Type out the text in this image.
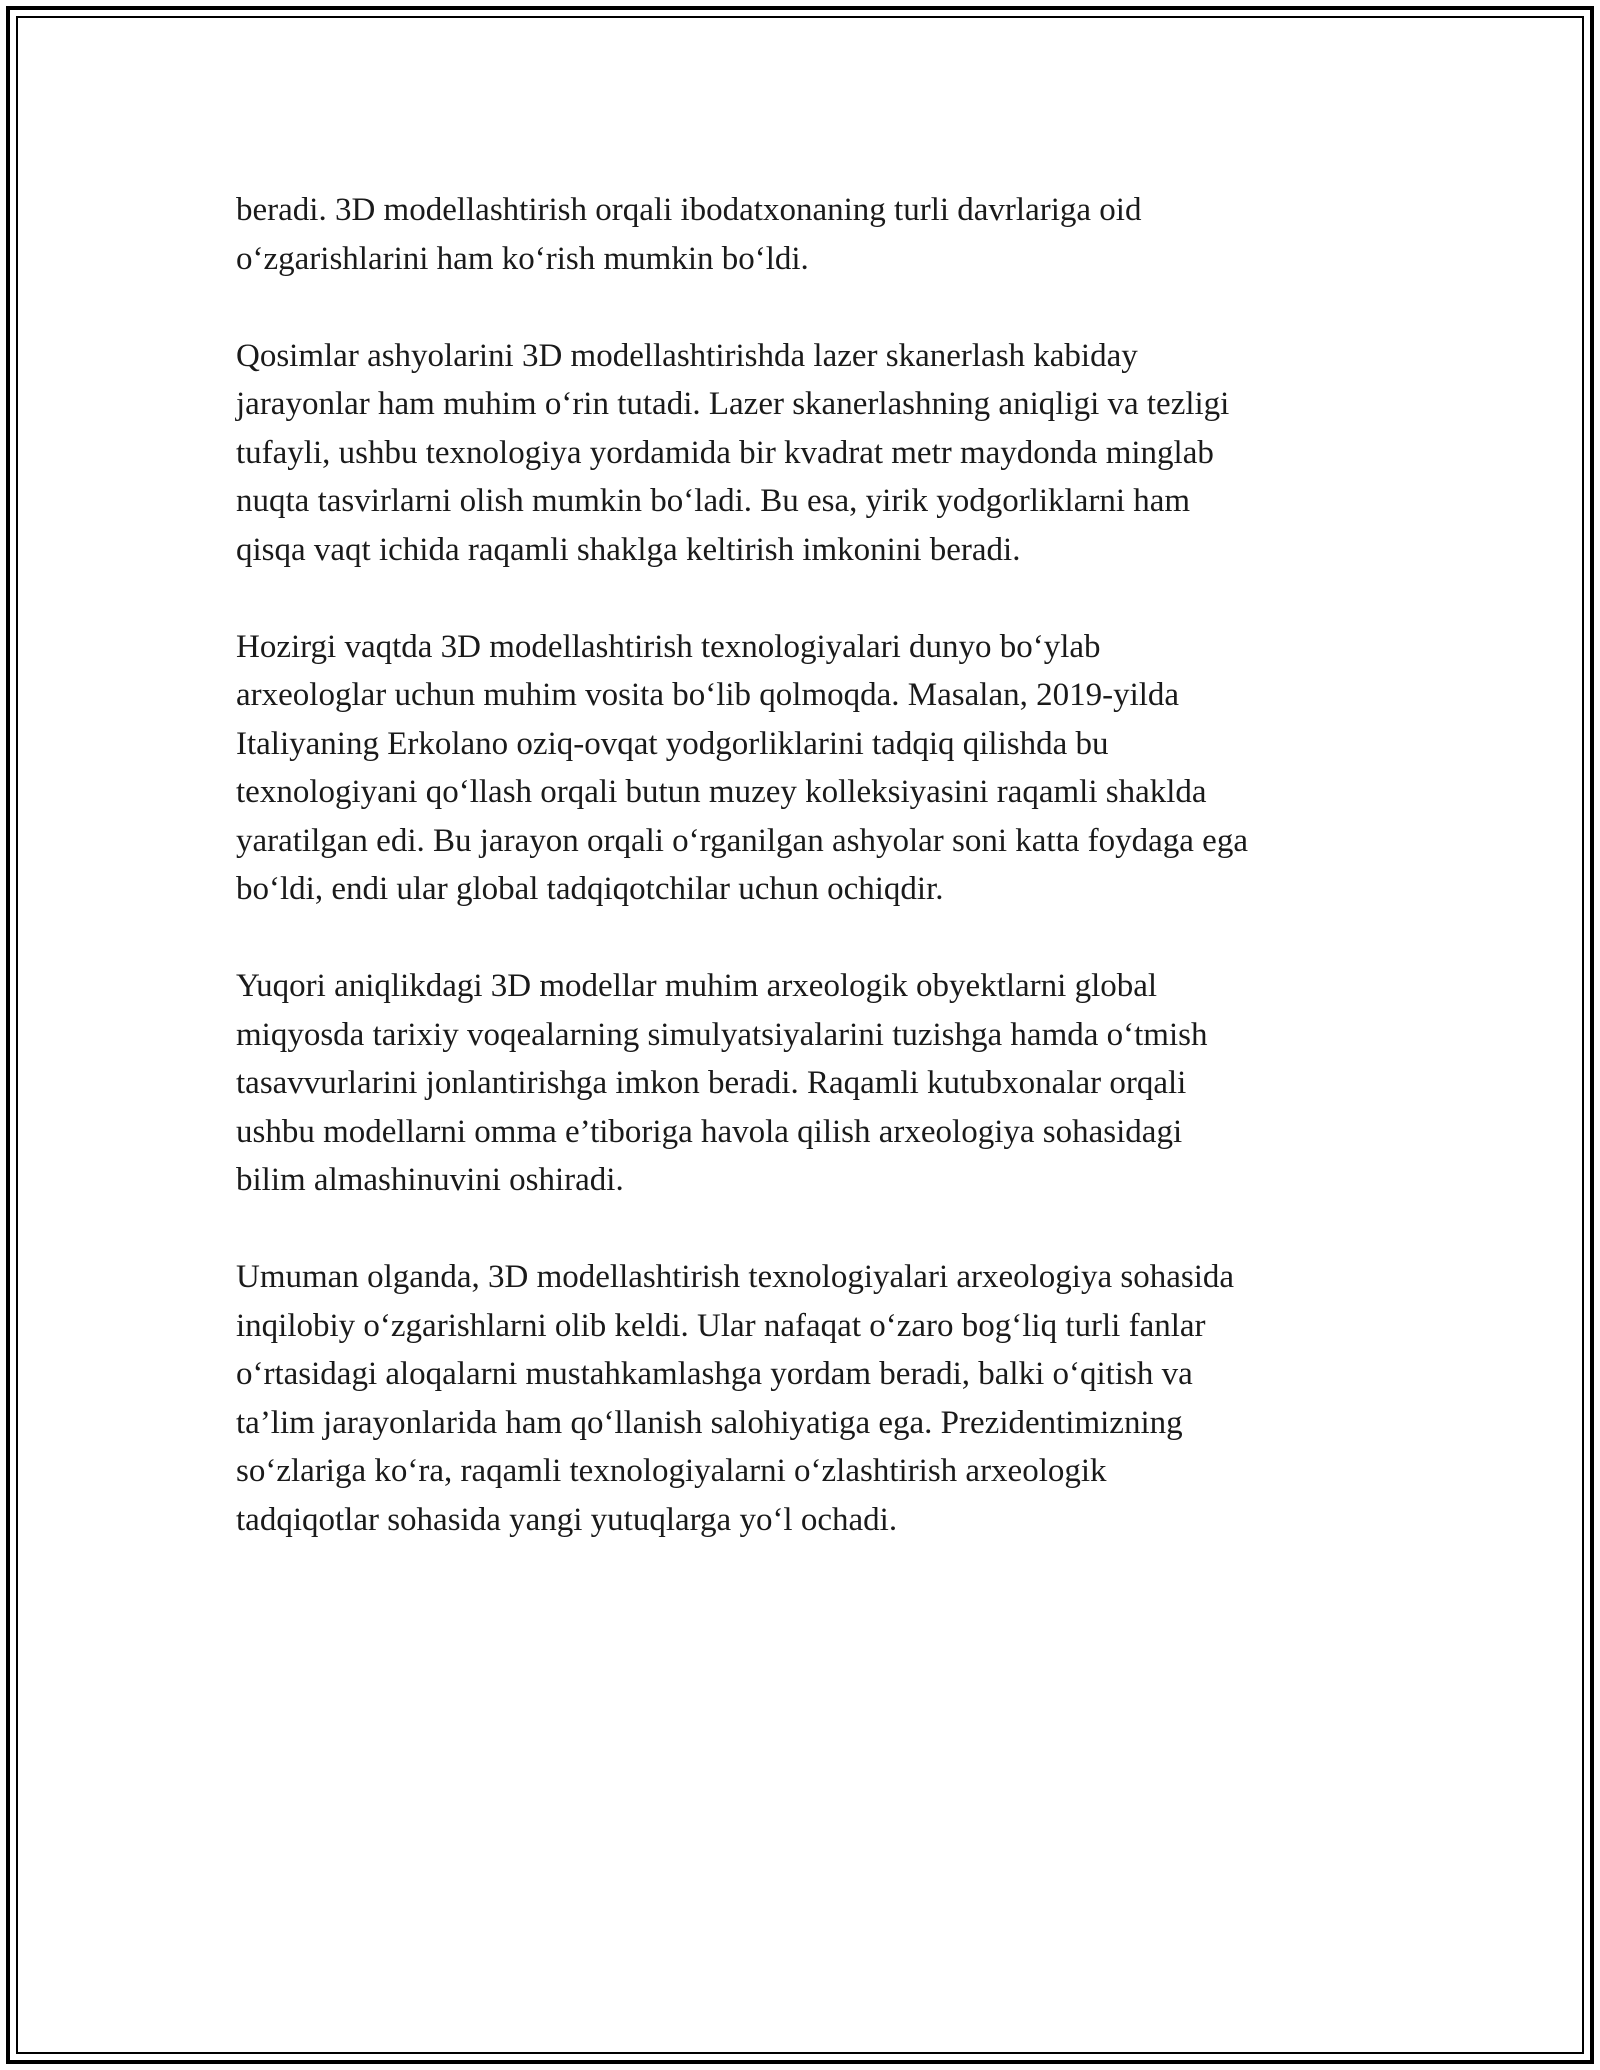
beradi. 3D modellashtirish orqali ibodatxonaning turli davrlariga oid
o‘zgarishlarini ham ko‘rish mumkin bo‘ldi.
Qosimlar ashyolarini 3D modellashtirishda lazer skanerlash kabiday
jarayonlar ham muhim o‘rin tutadi. Lazer skanerlashning aniqligi va tezligi
tufayli, ushbu texnologiya yordamida bir kvadrat metr maydonda minglab
nuqta tasvirlarni olish mumkin bo‘ladi. Bu esa, yirik yodgorliklarni ham
qisqa vaqt ichida raqamli shaklga keltirish imkonini beradi.
Hozirgi vaqtda 3D modellashtirish texnologiyalari dunyo bo‘ylab
arxeologlar uchun muhim vosita bo‘lib qolmoqda. Masalan, 2019-yilda
Italiyaning Erkolano oziq-ovqat yodgorliklarini tadqiq qilishda bu
texnologiyani qo‘llash orqali butun muzey kolleksiyasini raqamli shaklda
yaratilgan edi. Bu jarayon orqali o‘rganilgan ashyolar soni katta foydaga ega
bo‘ldi, endi ular global tadqiqotchilar uchun ochiqdir.
Yuqori aniqlikdagi 3D modellar muhim arxeologik obyektlarni global
miqyosda tarixiy voqealarning simulyatsiyalarini tuzishga hamda o‘tmish
tasavvurlarini jonlantirishga imkon beradi. Raqamli kutubxonalar orqali
ushbu modellarni omma e’tiboriga havola qilish arxeologiya sohasidagi
bilim almashinuvini oshiradi.
Umuman olganda, 3D modellashtirish texnologiyalari arxeologiya sohasida
inqilobiy o‘zgarishlarni olib keldi. Ular nafaqat o‘zaro bog‘liq turli fanlar
o‘rtasidagi aloqalarni mustahkamlashga yordam beradi, balki o‘qitish va
ta’lim jarayonlarida ham qo‘llanish salohiyatiga ega. Prezidentimizning
so‘zlariga ko‘ra, raqamli texnologiyalarni o‘zlashtirish arxeologik
tadqiqotlar sohasida yangi yutuqlarga yo‘l ochadi.
